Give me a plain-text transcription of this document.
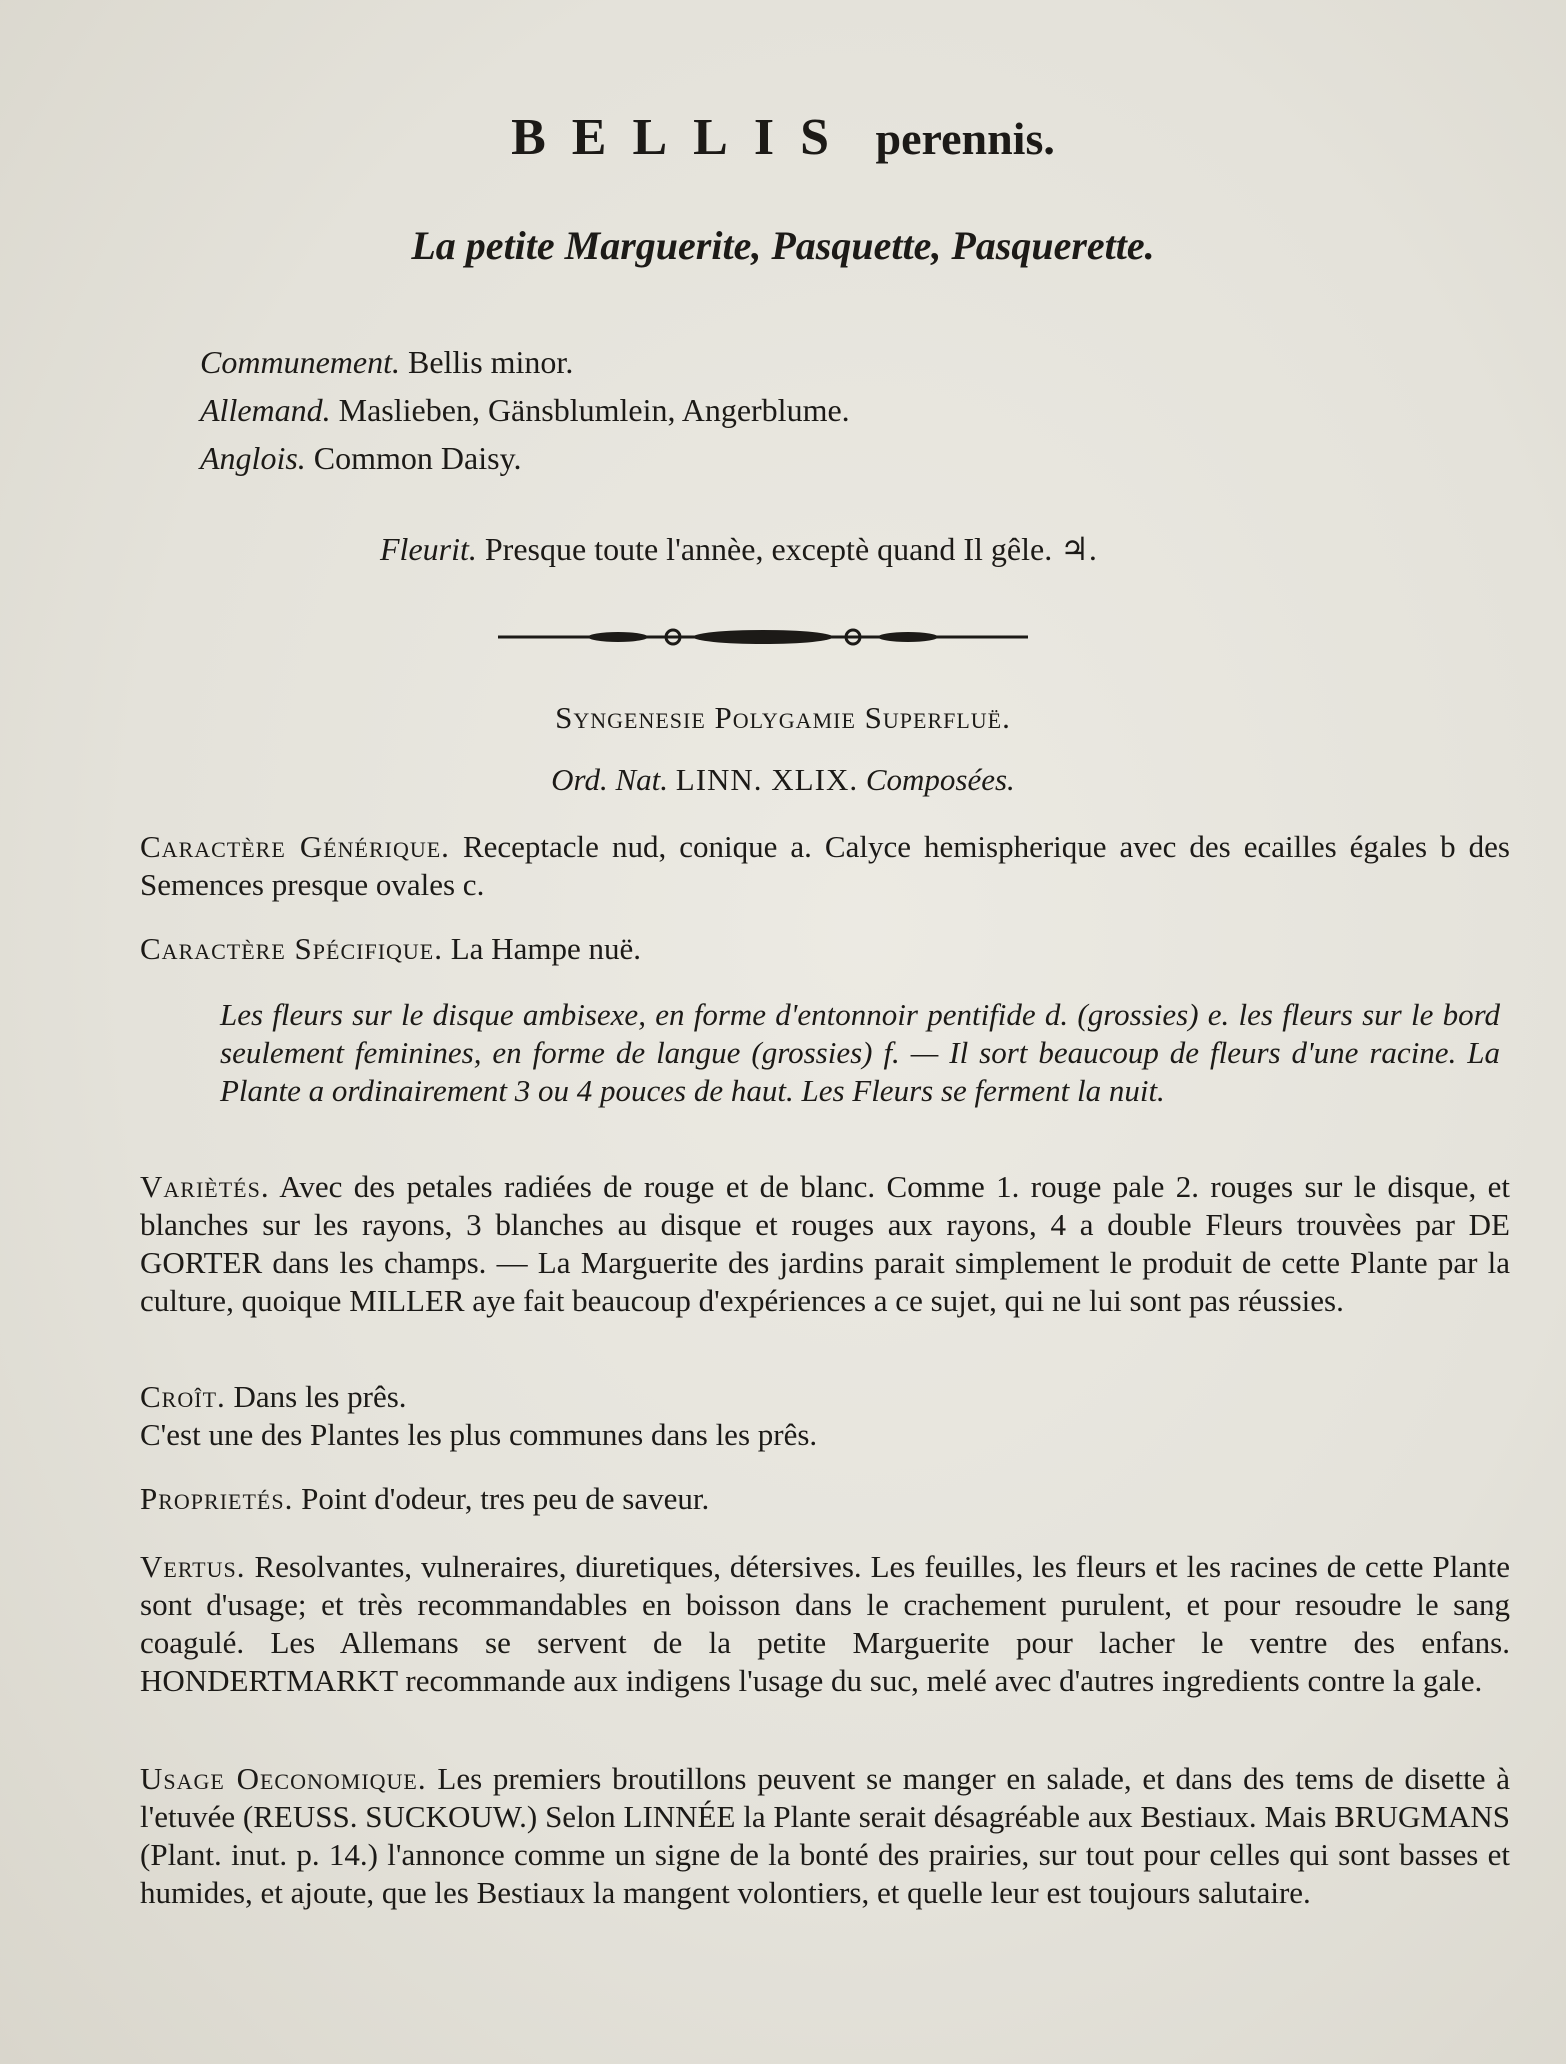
BELLIS perennis.
La petite Marguerite, Pasquette, Pasquerette.

Communement. Bellis minor.

Allemand. Maslieben, Gänsblumlein, Angerblume.

Anglois. Common Daisy.

Fleurit. Presque toute l'annèe, exceptè quand Il gêle. ♃.
Syngenesie Polygamie Superfluë.
Ord. Nat. LINN. XLIX. Composées.
Caractère Générique. Receptacle nud, conique a. Calyce hemispherique avec des ecailles égales b des Semences presque ovales c.
Caractère Spécifique. La Hampe nuë.
Les fleurs sur le disque ambisexe, en forme d'entonnoir pentifide d. (grossies) e. les fleurs sur le bord seulement feminines, en forme de langue (grossies) f. — Il sort beaucoup de fleurs d'une racine. La Plante a ordinairement 3 ou 4 pouces de haut. Les Fleurs se ferment la nuit.
Variètés. Avec des petales radiées de rouge et de blanc. Comme 1. rouge pale 2. rouges sur le disque, et blanches sur les rayons, 3 blanches au disque et rouges aux rayons, 4 a double Fleurs trouvèes par DE GORTER dans les champs. — La Marguerite des jardins parait simplement le produit de cette Plante par la culture, quoique MILLER aye fait beaucoup d'expériences a ce sujet, qui ne lui sont pas réussies.

Croît. Dans les prês.

C'est une des Plantes les plus communes dans les prês.

Proprietés. Point d'odeur, tres peu de saveur.
Vertus. Resolvantes, vulneraires, diuretiques, détersives. Les feuilles, les fleurs et les racines de cette Plante sont d'usage; et très recommandables en boisson dans le crachement purulent, et pour resoudre le sang coagulé. Les Allemans se servent de la petite Marguerite pour lacher le ventre des enfans. HONDERTMARKT recommande aux indigens l'usage du suc, melé avec d'autres ingredients contre la gale.
Usage Oeconomique. Les premiers broutillons peuvent se manger en salade, et dans des tems de disette à l'etuvée (REUSS. SUCKOUW.) Selon LINNÉE la Plante serait désagréable aux Bestiaux. Mais BRUGMANS (Plant. inut. p. 14.) l'annonce comme un signe de la bonté des prairies, sur tout pour celles qui sont basses et humides, et ajoute, que les Bestiaux la mangent volontiers, et quelle leur est toujours salutaire.
